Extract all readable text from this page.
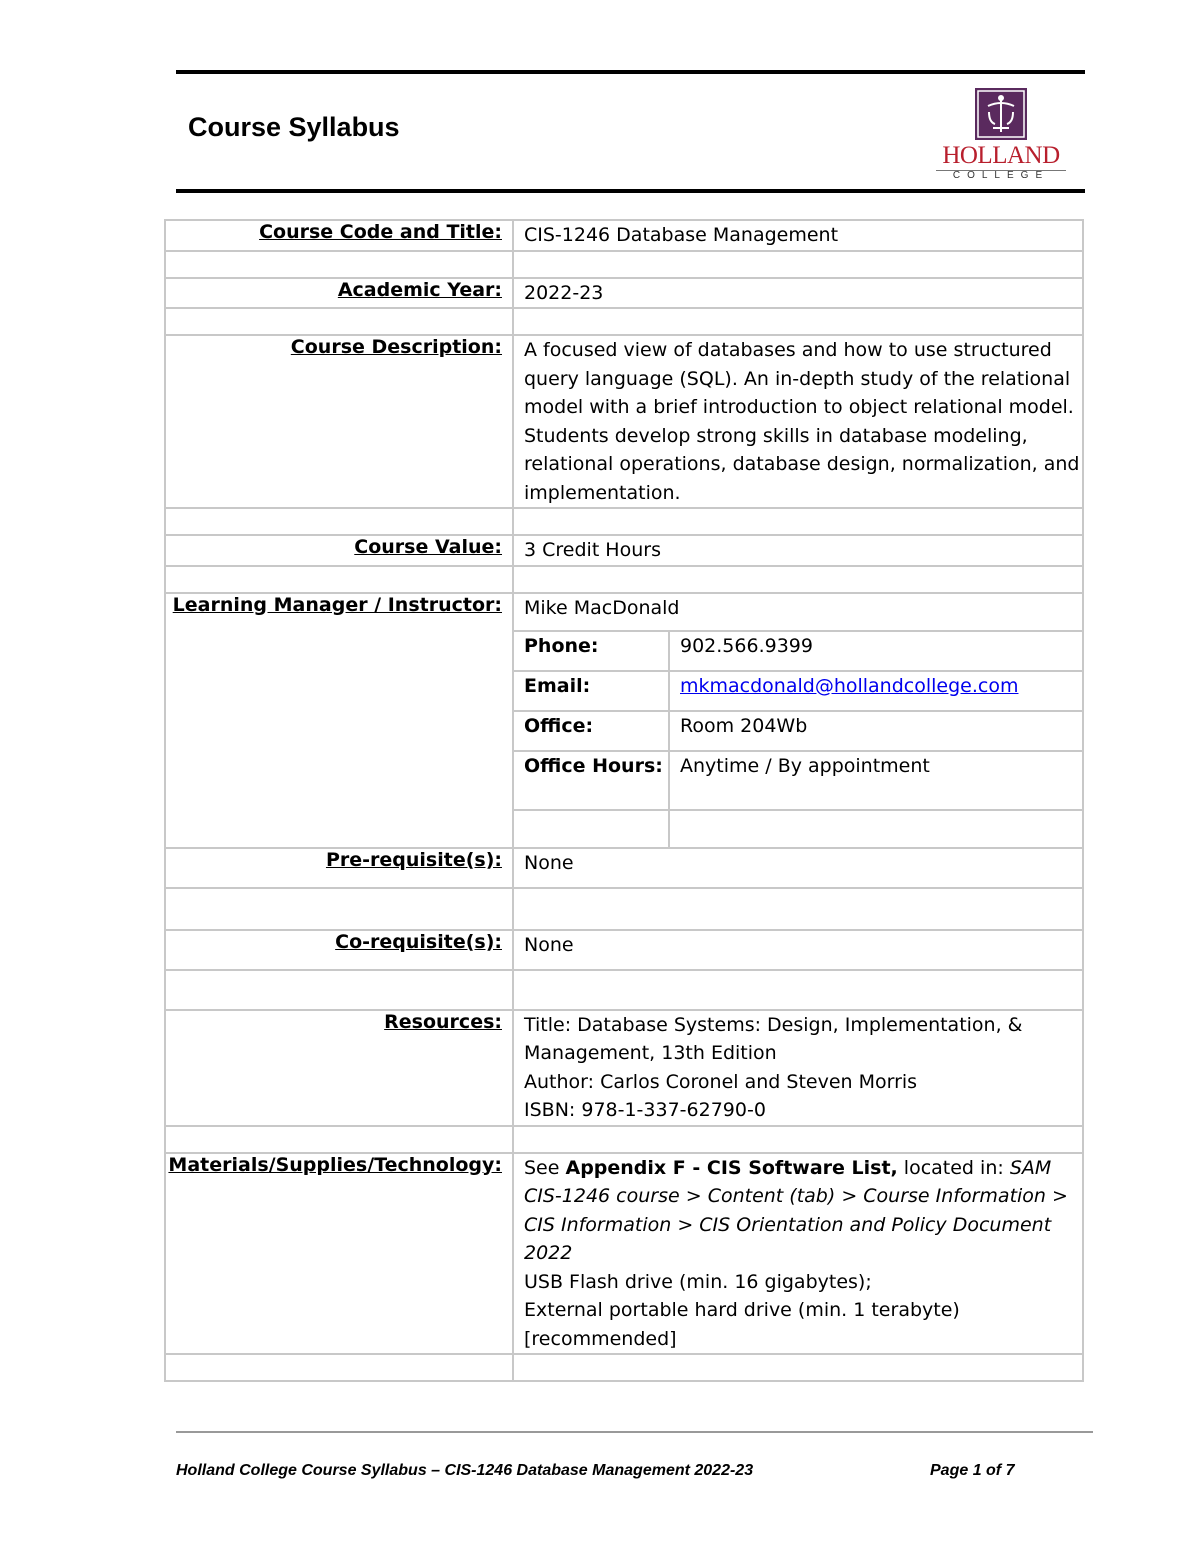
Course Syllabus
HOLLAND
COLLEGE
Course Code and Title:	CIS-1246 Database Management

Academic Year:	2022-23

Course Description:	A focused view of databases and how to use structured query language (SQL). An in-depth study of the relational model with a brief introduction to object relational model. Students develop strong skills in database modeling, relational operations, database design, normalization, and implementation.

Course Value:	3 Credit Hours

Learning Manager / Instructor:	Mike MacDonald

Phone:	902.566.9399
Email:	mkmacdonald@hollandcollege.com
Office:	Room 204Wb
Office Hours:	Anytime / By appointment

Pre-requisite(s):	None

Co-requisite(s):	None

Resources:	Title: Database Systems: Design, Implementation, & Management, 13th Edition
Author: Carlos Coronel and Steven Morris
ISBN: 978-1-337-62790-0

Materials/Supplies/Technology:	See Appendix F - CIS Software List, located in: SAM CIS-1246 course > Content (tab) > Course Information > CIS Information > CIS Orientation and Policy Document 2022
USB Flash drive (min. 16 gigabytes);
External portable hard drive (min. 1 terabyte) [recommended]

Holland College Course Syllabus – CIS-1246 Database Management 2022-23	Page 1 of 7
